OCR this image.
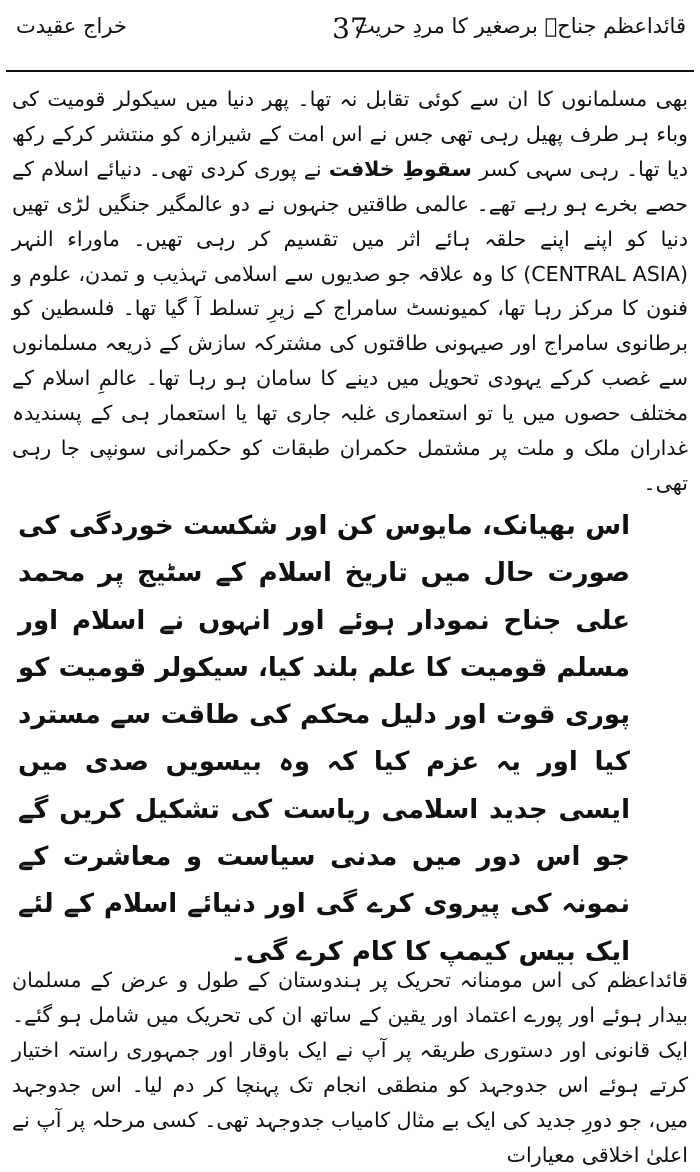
قائداعظم جناحؒ برصغیر کا مردِ حریت
37
خراج عقیدت
بھی مسلمانوں کا ان سے کوئی تقابل نہ تھا۔ پھر دنیا میں سیکولر قومیت کی وباء ہر طرف پھیل رہی تھی جس نے اس امت کے شیرازہ کو منتشر کرکے رکھ دیا تھا۔ رہی سہی کسر سقوطِ خلافت نے پوری کردی تھی۔ دنیائے اسلام کے حصے بخرے ہو رہے تھے۔ عالمی طاقتیں جنہوں نے دو عالمگیر جنگیں لڑی تھیں دنیا کو اپنے اپنے حلقہ ہائے اثر میں تقسیم کر رہی تھیں۔ ماوراء النہر (CENTRAL ASIA) کا وہ علاقہ جو صدیوں سے اسلامی تہذیب و تمدن، علوم و فنون کا مرکز رہا تھا، کمیونسٹ سامراج کے زیرِ تسلط آ گیا تھا۔ فلسطین کو برطانوی سامراج اور صیہونی طاقتوں کی مشترکہ سازش کے ذریعہ مسلمانوں سے غصب کرکے یہودی تحویل میں دینے کا سامان ہو رہا تھا۔ عالمِ اسلام کے مختلف حصوں میں یا تو استعماری غلبہ جاری تھا یا استعمار ہی کے پسندیدہ غداران ملک و ملت پر مشتمل حکمران طبقات کو حکمرانی سونپی جا رہی تھی۔
اس بھیانک، مایوس کن اور شکست خوردگی کی صورت حال میں تاریخ اسلام کے سٹیج پر محمد علی جناح نمودار ہوئے اور انہوں نے اسلام اور مسلم قومیت کا علم بلند کیا، سیکولر قومیت کو پوری قوت اور دلیل محکم کی طاقت سے مسترد کیا اور یہ عزم کیا کہ وہ بیسویں صدی میں ایسی جدید اسلامی ریاست کی تشکیل کریں گے جو اس دور میں مدنی سیاست و معاشرت کے نمونہ کی پیروی کرے گی اور دنیائے اسلام کے لئے ایک بیس کیمپ کا کام کرے گی۔
قائداعظم کی اس مومنانہ تحریک پر ہندوستان کے طول و عرض کے مسلمان بیدار ہوئے اور پورے اعتماد اور یقین کے ساتھ ان کی تحریک میں شامل ہو گئے۔ ایک قانونی اور دستوری طریقہ پر آپ نے ایک باوقار اور جمہوری راستہ اختیار کرتے ہوئے اس جدوجہد کو منطقی انجام تک پہنچا کر دم لیا۔ اس جدوجہد میں، جو دورِ جدید کی ایک بے مثال کامیاب جدوجہد تھی۔ کسی مرحلہ پر آپ نے اعلیٰ اخلاقی معیارات
